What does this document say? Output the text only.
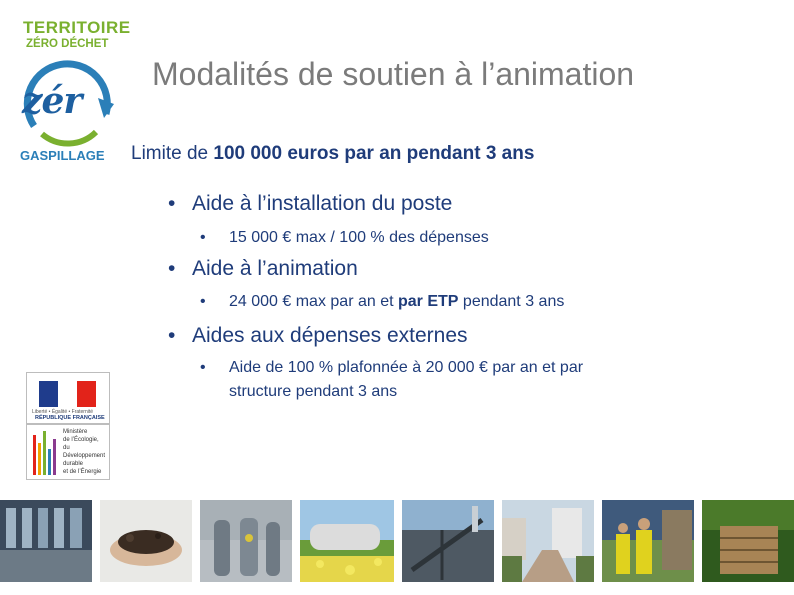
TERRITOIRE
ZÉRO DÉCHET
zér
GASPILLAGE
Modalités de soutien à l’animation
Limite de 100 000 euros par an pendant 3 ans
• Aide à l’installation du poste
• 15 000 € max / 100 % des dépenses
• Aide à l’animation
• 24 000 € max par an et par ETP pendant 3 ans
• Aides aux dépenses externes
• Aide de 100 % plafonnée à 20 000 € par an et par
structure pendant 3 ans
Liberté • Égalité • Fraternité
RÉPUBLIQUE FRANÇAISE
Ministère
de l’Écologie,
du Développement
durable
et de l’Énergie
